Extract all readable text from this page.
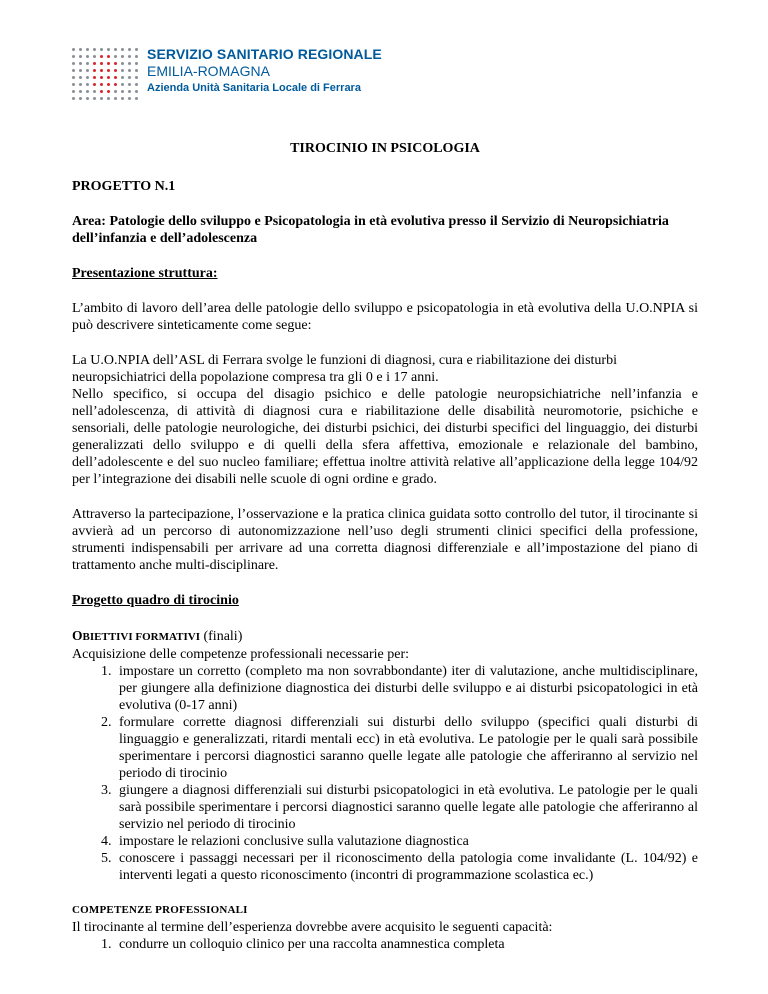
SERVIZIO SANITARIO REGIONALE
EMILIA-ROMAGNA
Azienda Unità Sanitaria Locale di Ferrara

TIROCINIO IN PSICOLOGIA

PROGETTO N.1

Area: Patologie dello sviluppo e Psicopatologia in età evolutiva presso il Servizio di Neuropsichiatria dell’infanzia e dell’adolescenza

Presentazione struttura:

L’ambito di lavoro dell’area delle patologie dello sviluppo e psicopatologia in età evolutiva della U.O.NPIA si può descrivere sinteticamente come segue:

La U.O.NPIA dell’ASL di Ferrara svolge le funzioni di diagnosi, cura e riabilitazione dei disturbi neuropsichiatrici della popolazione compresa tra gli 0 e i 17 anni.

Nello specifico, si occupa del disagio psichico e delle patologie neuropsichiatriche nell’infanzia e nell’adolescenza, di attività di diagnosi cura e riabilitazione delle disabilità neuromotorie, psichiche e sensoriali, delle patologie neurologiche, dei disturbi psichici, dei disturbi specifici del linguaggio, dei disturbi generalizzati dello sviluppo e di quelli della sfera affettiva, emozionale e relazionale del bambino, dell’adolescente e del suo nucleo familiare; effettua inoltre attività relative all’applicazione della legge 104/92 per l’integrazione dei disabili nelle scuole di ogni ordine e grado.

Attraverso la partecipazione, l’osservazione e la pratica clinica guidata sotto controllo del tutor, il tirocinante si avvierà ad un percorso di autonomizzazione nell’uso degli strumenti clinici specifici della professione, strumenti indispensabili per arrivare ad una corretta diagnosi differenziale e all’impostazione del piano di trattamento anche multi-disciplinare.

Progetto quadro di tirocinio

OBIETTIVI FORMATIVI (finali)

Acquisizione delle competenze professionali necessarie per:

1. impostare un corretto (completo ma non sovrabbondante) iter di valutazione, anche multidisciplinare, per giungere alla definizione diagnostica dei disturbi delle sviluppo e ai disturbi psicopatologici in età evolutiva (0-17 anni)
2. formulare corrette diagnosi differenziali sui disturbi dello sviluppo (specifici quali disturbi di linguaggio e generalizzati, ritardi mentali ecc) in età evolutiva. Le patologie per le quali sarà possibile sperimentare i percorsi diagnostici saranno quelle legate alle patologie che afferiranno al servizio nel periodo di tirocinio
3. giungere a diagnosi differenziali sui disturbi psicopatologici in età evolutiva. Le patologie per le quali sarà possibile sperimentare i percorsi diagnostici saranno quelle legate alle patologie che afferiranno al servizio nel periodo di tirocinio
4. impostare le relazioni conclusive sulla valutazione diagnostica
5. conoscere i passaggi necessari per il riconoscimento della patologia come invalidante (L. 104/92) e interventi legati a questo riconoscimento (incontri di programmazione scolastica ec.)

COMPETENZE PROFESSIONALI

Il tirocinante al termine dell’esperienza dovrebbe avere acquisito le seguenti capacità:

1. condurre un colloquio clinico per una raccolta anamnestica completa
